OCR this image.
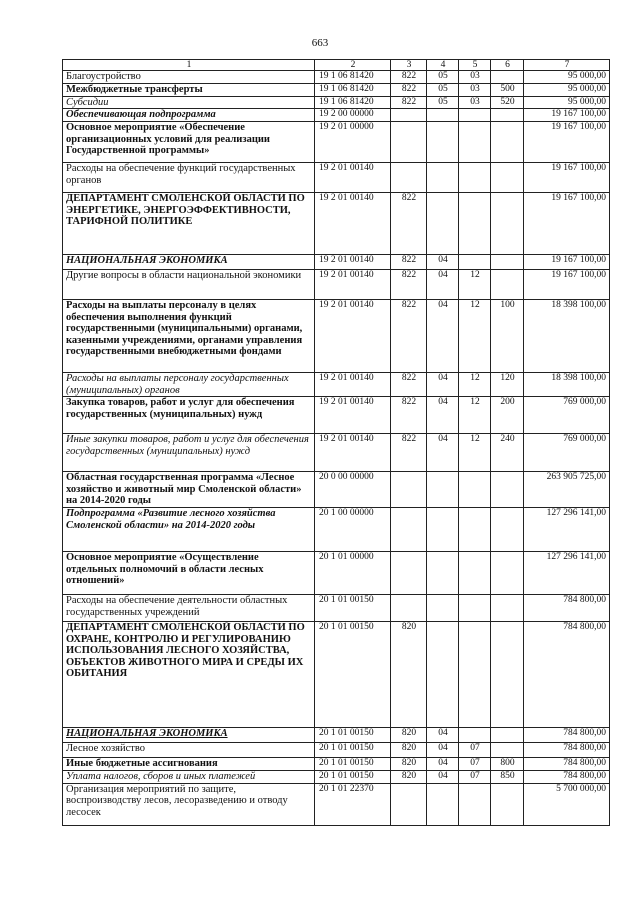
663
1	2	3	4	5	6	7
Благоустройство	19 1 06 81420	822	05	03		95 000,00
Межбюджетные трансферты	19 1 06 81420	822	05	03	500	95 000,00
Субсидии	19 1 06 81420	822	05	03	520	95 000,00
Обеспечивающая подпрограмма	19 2 00 00000					19 167 100,00
Основное мероприятие «Обеспечение организационных условий для реализации Государственной программы»	19 2 01 00000					19 167 100,00
Расходы на обеспечение функций государственных органов	19 2 01 00140					19 167 100,00
ДЕПАРТАМЕНТ СМОЛЕНСКОЙ ОБЛАСТИ ПО ЭНЕРГЕТИКЕ, ЭНЕРГОЭФФЕКТИВНОСТИ, ТАРИФНОЙ ПОЛИТИКЕ	19 2 01 00140	822				19 167 100,00
НАЦИОНАЛЬНАЯ ЭКОНОМИКА	19 2 01 00140	822	04			19 167 100,00
Другие вопросы в области национальной экономики	19 2 01 00140	822	04	12		19 167 100,00
Расходы на выплаты персоналу в целях обеспечения выполнения функций государственными (муниципальными) органами, казенными учреждениями, органами управления государственными внебюджетными фондами	19 2 01 00140	822	04	12	100	18 398 100,00
Расходы на выплаты персоналу государственных (муниципальных) органов	19 2 01 00140	822	04	12	120	18 398 100,00
Закупка товаров, работ и услуг для обеспечения государственных (муниципальных) нужд	19 2 01 00140	822	04	12	200	769 000,00
Иные закупки товаров, работ и услуг для обеспечения государственных (муниципальных) нужд	19 2 01 00140	822	04	12	240	769 000,00
Областная государственная программа «Лесное хозяйство и животный мир Смоленской области» на 2014-2020 годы	20 0 00 00000					263 905 725,00
Подпрограмма «Развитие лесного хозяйства Смоленской области» на 2014-2020 годы	20 1 00 00000					127 296 141,00
Основное мероприятие «Осуществление отдельных полномочий в области лесных отношений»	20 1 01 00000					127 296 141,00
Расходы на обеспечение деятельности областных государственных учреждений	20 1 01 00150					784 800,00
ДЕПАРТАМЕНТ СМОЛЕНСКОЙ ОБЛАСТИ ПО ОХРАНЕ, КОНТРОЛЮ И РЕГУЛИРОВАНИЮ ИСПОЛЬЗОВАНИЯ ЛЕСНОГО ХОЗЯЙСТВА, ОБЪЕКТОВ ЖИВОТНОГО МИРА И СРЕДЫ ИХ ОБИТАНИЯ	20 1 01 00150	820				784 800,00
НАЦИОНАЛЬНАЯ ЭКОНОМИКА	20 1 01 00150	820	04			784 800,00
Лесное хозяйство	20 1 01 00150	820	04	07		784 800,00
Иные бюджетные ассигнования	20 1 01 00150	820	04	07	800	784 800,00
Уплата налогов, сборов и иных платежей	20 1 01 00150	820	04	07	850	784 800,00
Организация мероприятий по защите, воспроизводству лесов, лесоразведению и отводу лесосек	20 1 01 22370					5 700 000,00
